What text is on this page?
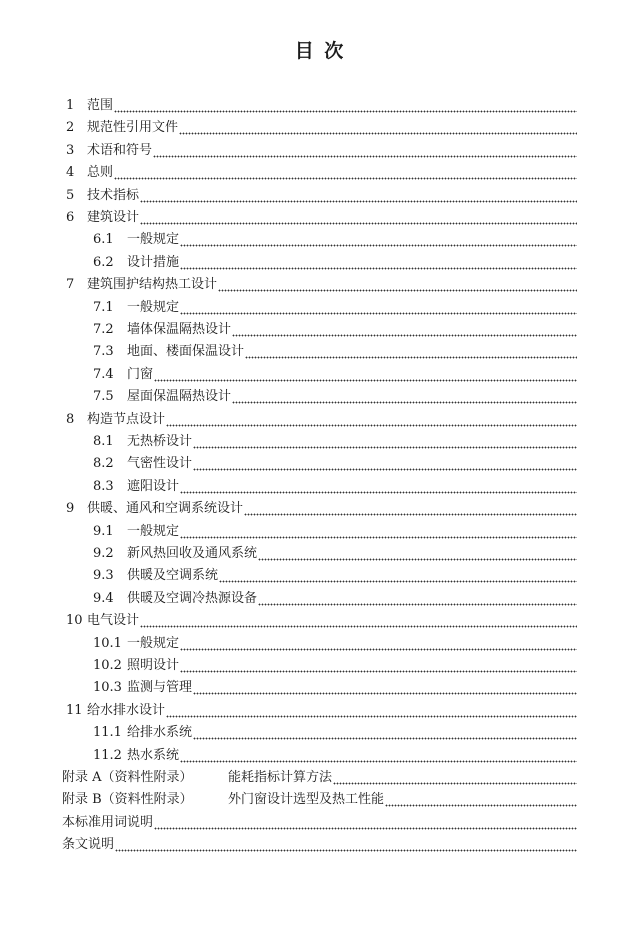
目 次
1 范围
2 规范性引用文件
3 术语和符号
4 总则
5 技术指标
6 建筑设计
6.1	一般规定
6.2	设计措施
7 建筑围护结构热工设计
7.1	一般规定
7.2	墙体保温隔热设计
7.3	地面、楼面保温设计
7.4	门窗
7.5	屋面保温隔热设计
8 构造节点设计
8.1	无热桥设计
8.2	气密性设计
8.3	遮阳设计
9 供暖、通风和空调系统设计
9.1	一般规定
9.2	新风热回收及通风系统
9.3	供暖及空调系统
9.4	供暖及空调冷热源设备
10 电气设计
10.1 一般规定
10.2 照明设计
10.3 监测与管理
11 给水排水设计
11.1 给排水系统
11.2 热水系统
附录 A（资料性附录）	能耗指标计算方法
附录 B（资料性附录）	外门窗设计选型及热工性能
本标准用词说明
条文说明
